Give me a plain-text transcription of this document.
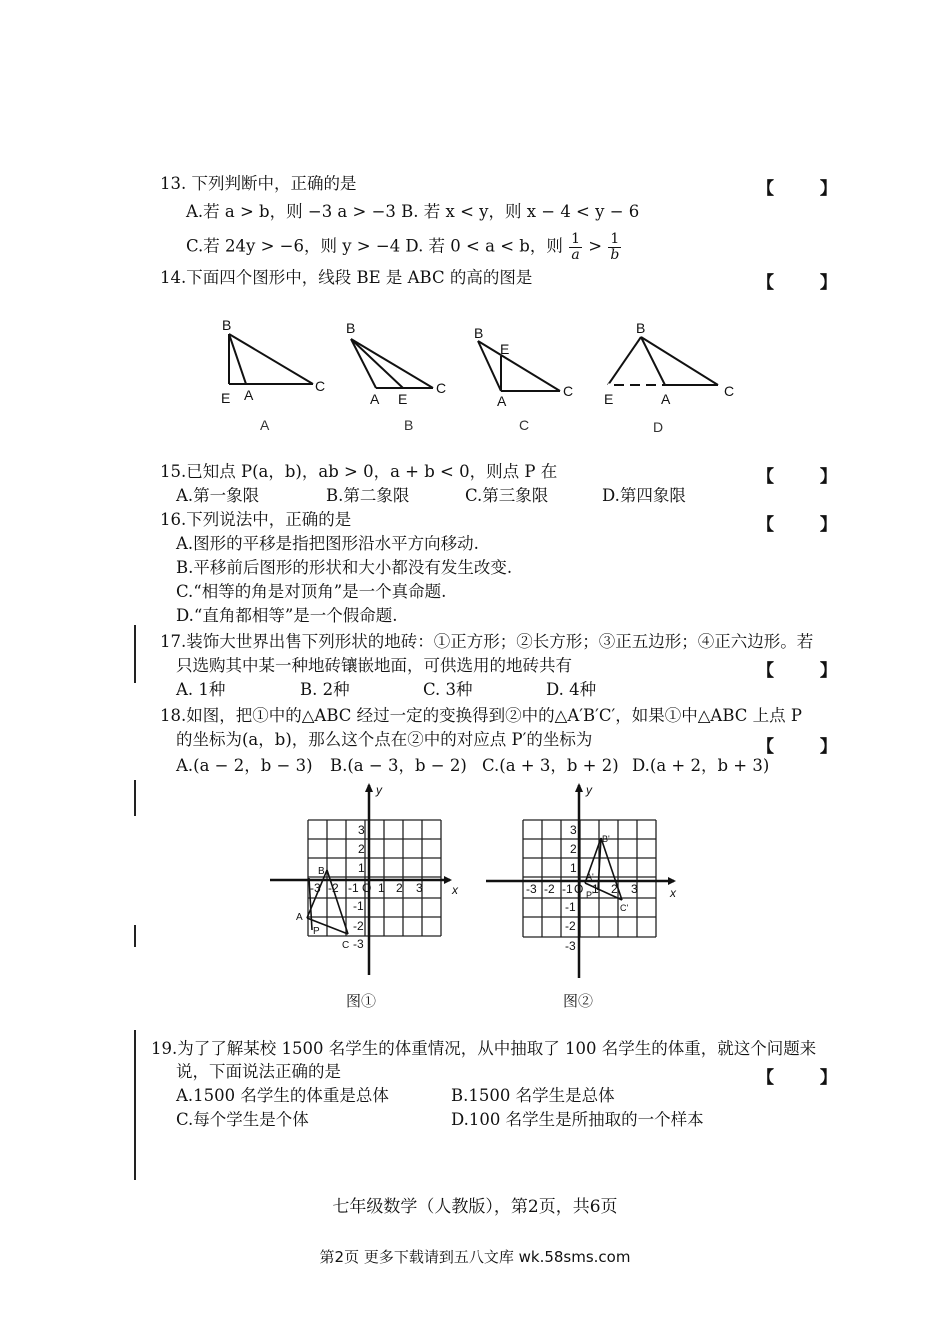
13. 下列判断中，正确的是	【 】
A.若 a > b，则 −3 a > −3 B. 若 x < y，则 x − 4 < y − 6
C.若 24y > −6，则 y > −4 D. 若 0 < a < b，则 $\frac{1}{a} > \frac{1}{b}$
14.下面四个图形中，线段 BE 是 ABC 的高的图是	【 】
B
E A
C
B
A E
C
B
E
A
C
B
E	A	C
A	B	C	D
15.已知点 P(a，b)，ab > 0，a + b < 0，则点 P 在	【 】
A.第一象限	B.第二象限	C.第三象限	D.第四象限
16.下列说法中，正确的是	【 】
A.图形的平移是指把图形沿水平方向移动.
B.平移前后图形的形状和大小都没有发生改变.
C.“相等的角是对顶角”是一个真命题.
D.“直角都相等”是一个假命题.
17.装饰大世界出售下列形状的地砖：①正方形；②长方形；③正五边形；④正六边形。若
只选购其中某一种地砖镶嵌地面，可供选用的地砖共有	【 】
A. 1种	B. 2种	C. 3种	D. 4种
18.如图，把①中的△ABC 经过一定的变换得到②中的△A′B′C′，如果①中△ABC 上点 P
的坐标为(a，b)，那么这个点在②中的对应点 P′的坐标为	【 】
A.(a − 2，b − 3) B.(a − 3，b − 2) C.(a + 3，b + 2) D.(a + 2，b + 3)
x
y
-3 -2 -1 O 1 2 3
3
2
1
-1
-2
-3
A
B
C
P
x
y
-3 -2 -1 O 1 2 3
3
2
1
-1
-2
-3
B'
A'
P'
C'
图①	图②
19.为了了解某校 1500 名学生的体重情况，从中抽取了 100 名学生的体重，就这个问题来
说，下面说法正确的是	【 】
A.1500 名学生的体重是总体	B.1500 名学生是总体
C.每个学生是个体	D.100 名学生是所抽取的一个样本
七年级数学（人教版），第2页，共6页
第2页 更多下载请到五八文库 wk.58sms.com
